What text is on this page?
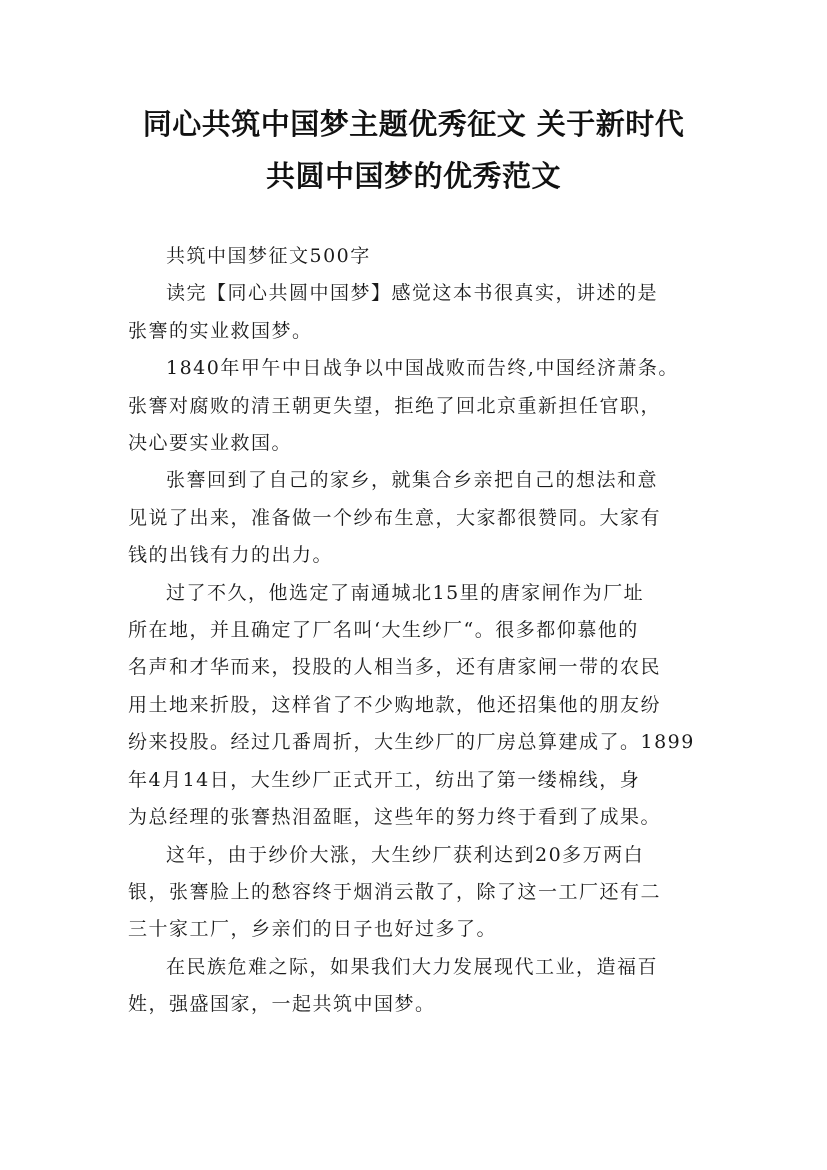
同心共筑中国梦主题优秀征文 关于新时代
共圆中国梦的优秀范文

共筑中国梦征文500字

读完【同心共圆中国梦】感觉这本书很真实，讲述的是
张謇的实业救国梦。

1840年甲午中日战争以中国战败而告终,中国经济萧条。
张謇对腐败的清王朝更失望，拒绝了回北京重新担任官职，
决心要实业救国。

张謇回到了自己的家乡，就集合乡亲把自己的想法和意
见说了出来，准备做一个纱布生意，大家都很赞同。大家有
钱的出钱有力的出力。

过了不久，他选定了南通城北15里的唐家闸作为厂址
所在地，并且确定了厂名叫‘大生纱厂“。很多都仰慕他的
名声和才华而来，投股的人相当多，还有唐家闸一带的农民
用土地来折股，这样省了不少购地款，他还招集他的朋友纷
纷来投股。经过几番周折，大生纱厂的厂房总算建成了。1899
年4月14日，大生纱厂正式开工，纺出了第一缕棉线，身
为总经理的张謇热泪盈眶，这些年的努力终于看到了成果。

这年，由于纱价大涨，大生纱厂获利达到20多万两白
银，张謇脸上的愁容终于烟消云散了，除了这一工厂还有二
三十家工厂，乡亲们的日子也好过多了。

在民族危难之际，如果我们大力发展现代工业，造福百
姓，强盛国家，一起共筑中国梦。
